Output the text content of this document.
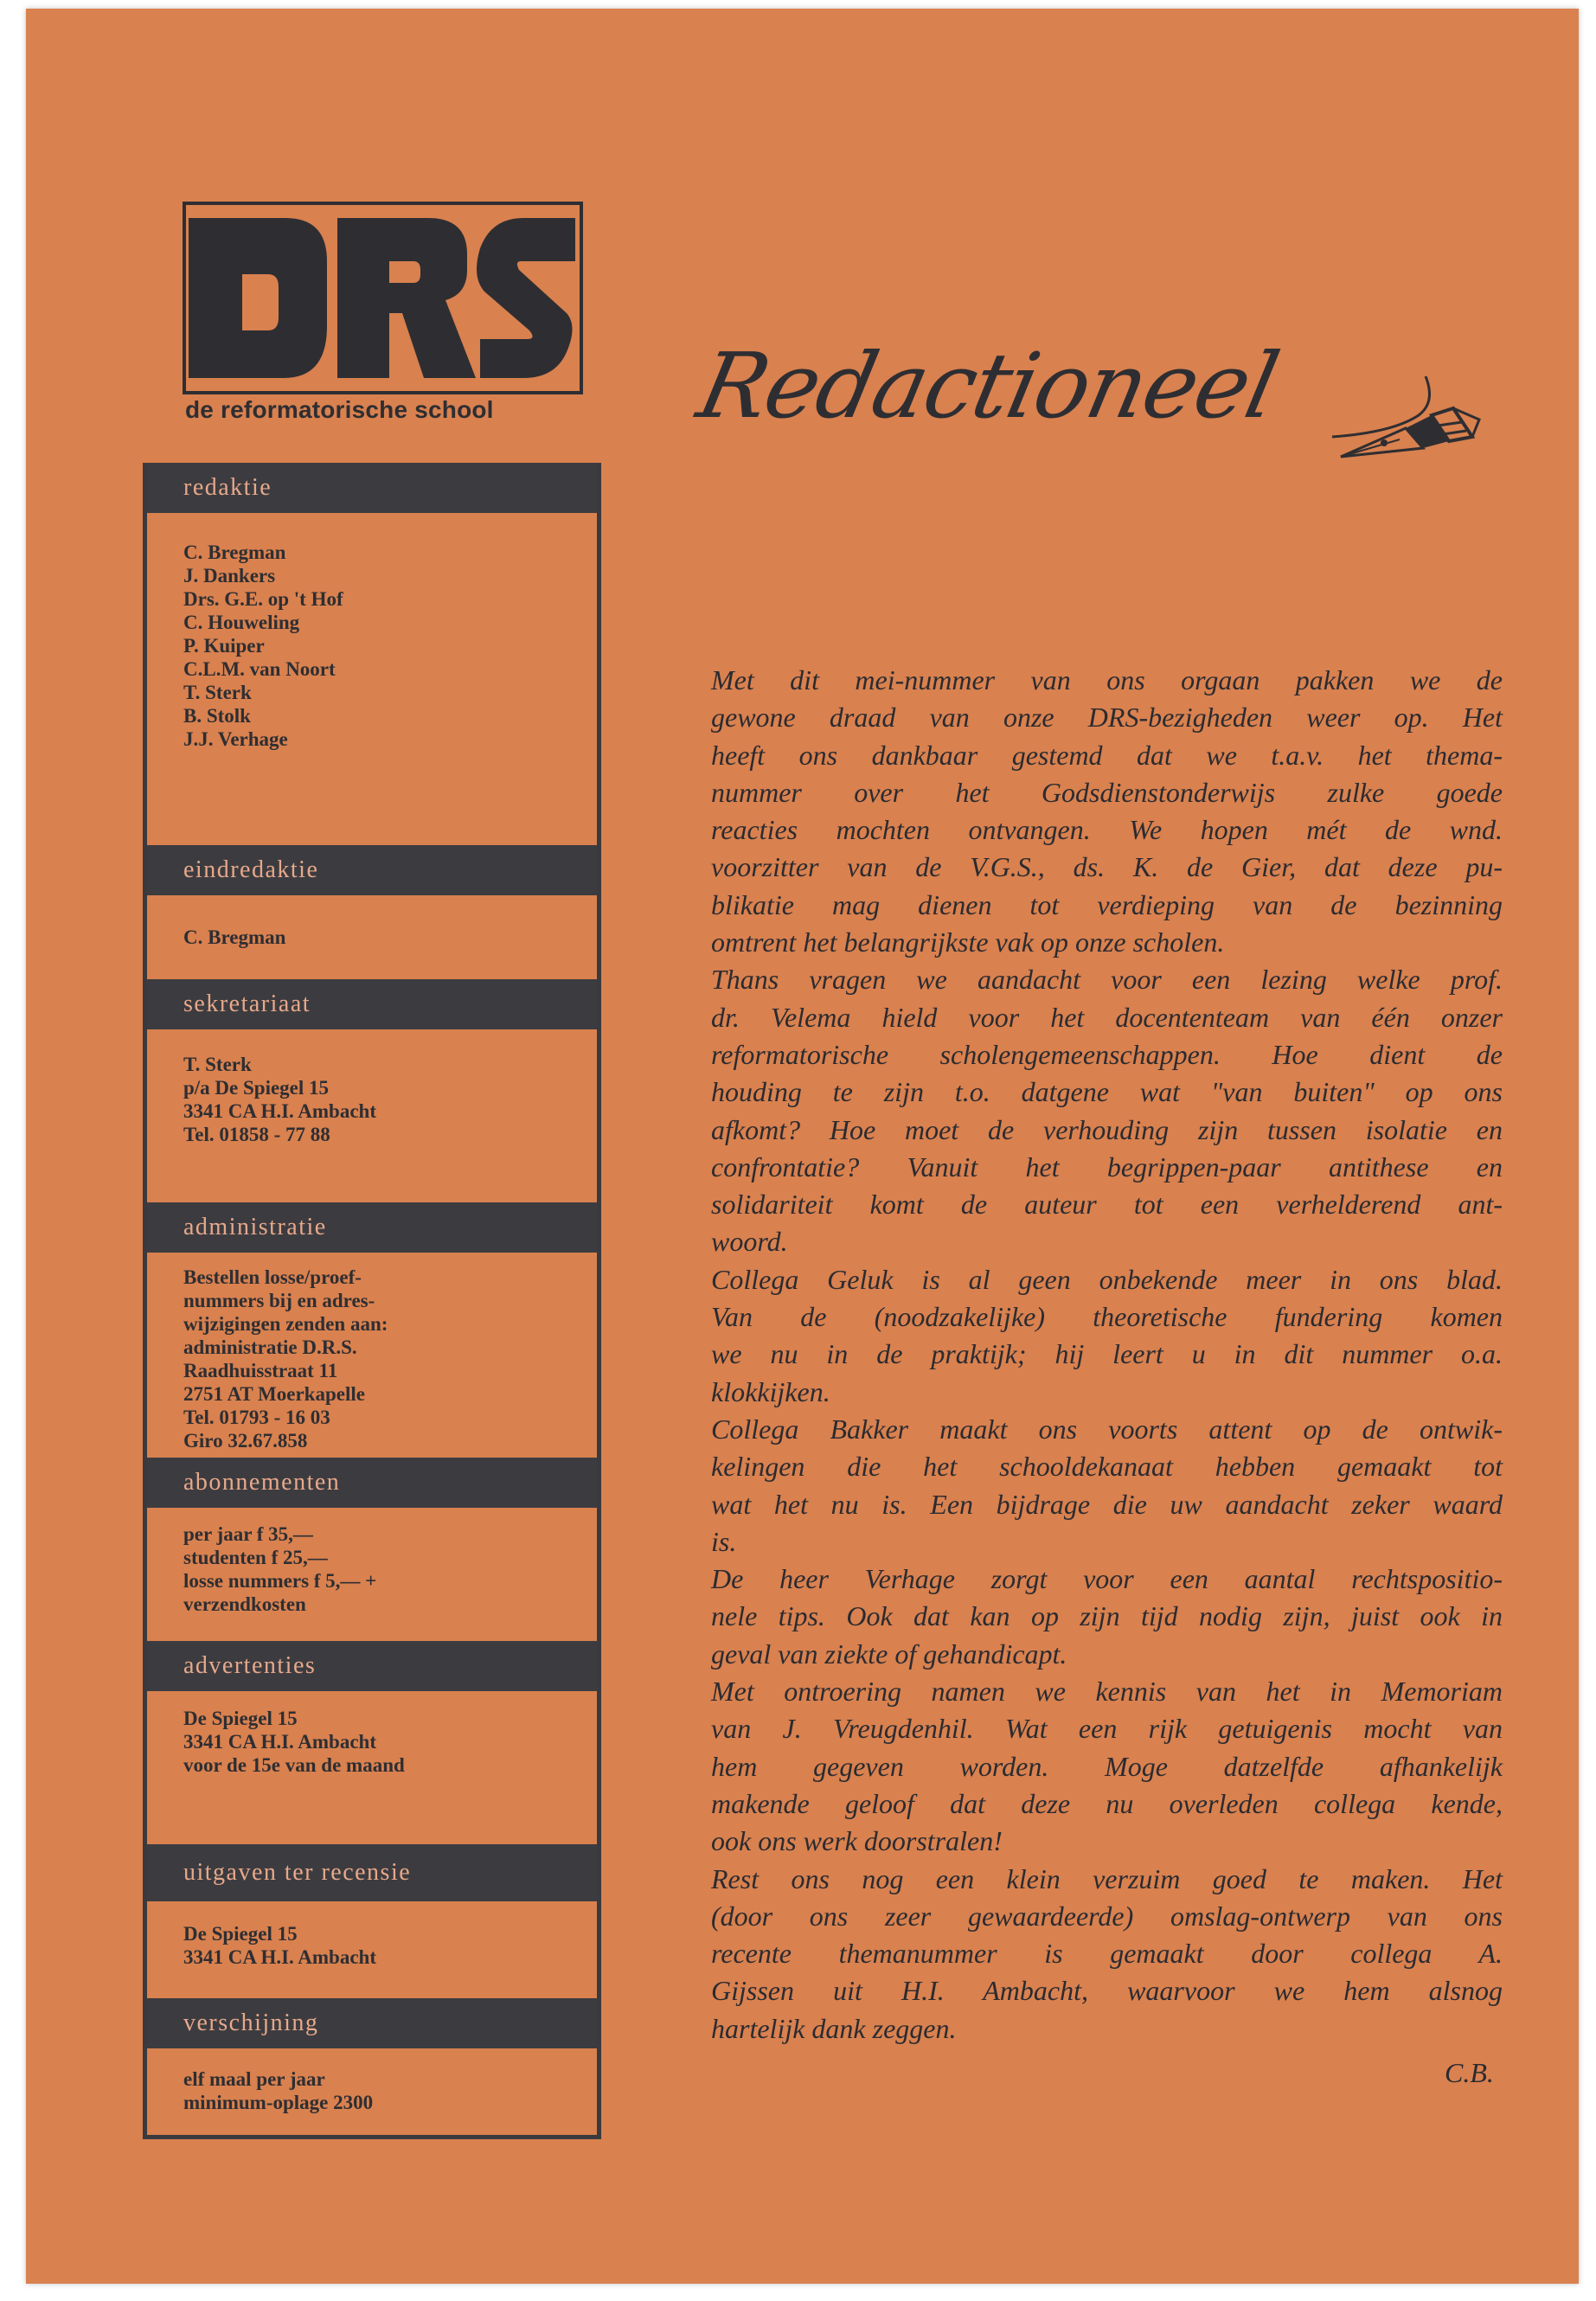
de reformatorische school Redactioneel
redaktie
C. Bregman
J. Dankers
Drs. G.E. op 't Hof
C. Houweling
P. Kuiper
C.L.M. van Noort
T. Sterk
B. Stolk
J.J. Verhage
eindredaktie
C. Bregman
sekretariaat
T. Sterk
p/a De Spiegel 15
3341 CA H.I. Ambacht
Tel. 01858 - 77 88
administratie
Bestellen losse/proef-
nummers bij en adres-
wijzigingen zenden aan:
administratie D.R.S.
Raadhuisstraat 11
2751 AT Moerkapelle
Tel. 01793 - 16 03
Giro 32.67.858
abonnementen
per jaar f 35,—
studenten f 25,—
losse nummers f 5,— +
verzendkosten
advertenties
De Spiegel 15
3341 CA H.I. Ambacht
voor de 15e van de maand
uitgaven ter recensie
De Spiegel 15
3341 CA H.I. Ambacht
verschijning
elf maal per jaar
minimum-oplage 2300

Met dit mei-nummer van ons orgaan pakken we de

gewone draad van onze DRS-bezigheden weer op. Het

heeft ons dankbaar gestemd dat we t.a.v. het thema-

nummer over het Godsdienstonderwijs zulke goede

reacties mochten ontvangen. We hopen mét de wnd.

voorzitter van de V.G.S., ds. K. de Gier, dat deze pu-

blikatie mag dienen tot verdieping van de bezinning

omtrent het belangrijkste vak op onze scholen.

Thans vragen we aandacht voor een lezing welke prof.

dr. Velema hield voor het docententeam van één onzer

reformatorische scholengemeenschappen. Hoe dient de

houding te zijn t.o. datgene wat "van buiten" op ons

afkomt? Hoe moet de verhouding zijn tussen isolatie en

confrontatie? Vanuit het begrippen-paar antithese en

solidariteit komt de auteur tot een verhelderend ant-

woord.

Collega Geluk is al geen onbekende meer in ons blad.

Van de (noodzakelijke) theoretische fundering komen

we nu in de praktijk; hij leert u in dit nummer o.a.

klokkijken.

Collega Bakker maakt ons voorts attent op de ontwik-

kelingen die het schooldekanaat hebben gemaakt tot

wat het nu is. Een bijdrage die uw aandacht zeker waard

is.

De heer Verhage zorgt voor een aantal rechtspositio-

nele tips. Ook dat kan op zijn tijd nodig zijn, juist ook in

geval van ziekte of gehandicapt.

Met ontroering namen we kennis van het in Memoriam

van J. Vreugdenhil. Wat een rijk getuigenis mocht van

hem gegeven worden. Moge datzelfde afhankelijk

makende geloof dat deze nu overleden collega kende,

ook ons werk doorstralen!

Rest ons nog een klein verzuim goed te maken. Het

(door ons zeer gewaardeerde) omslag-ontwerp van ons

recente themanummer is gemaakt door collega A.

Gijssen uit H.I. Ambacht, waarvoor we hem alsnog

hartelijk dank zeggen.

C.B.
